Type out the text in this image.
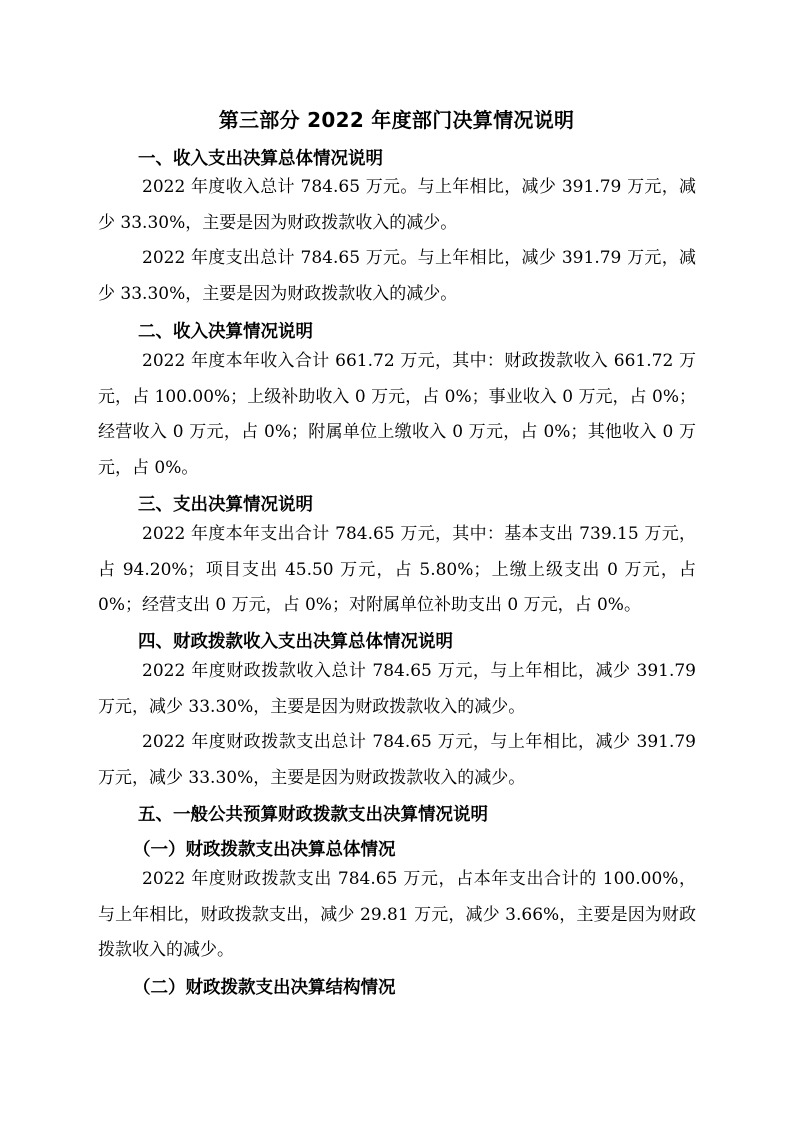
第三部分 2022 年度部门决算情况说明
一、收入支出决算总体情况说明

2022 年度收入总计 784.65 万元。与上年相比，减少 391.79 万元，减少 33.30%，主要是因为财政拨款收入的减少。

2022 年度支出总计 784.65 万元。与上年相比，减少 391.79 万元，减少 33.30%，主要是因为财政拨款收入的减少。

二、收入决算情况说明

2022 年度本年收入合计 661.72 万元，其中：财政拨款收入 661.72 万元，占 100.00%；上级补助收入 0 万元，占 0%；事业收入 0 万元，占 0%；经营收入 0 万元，占 0%；附属单位上缴收入 0 万元，占 0%；其他收入 0 万元，占 0%。

三、支出决算情况说明

2022 年度本年支出合计 784.65 万元，其中：基本支出 739.15 万元，占 94.20%；项目支出 45.50 万元，占 5.80%；上缴上级支出 0 万元，占 0%；经营支出 0 万元，占 0%；对附属单位补助支出 0 万元，占 0%。

四、财政拨款收入支出决算总体情况说明

2022 年度财政拨款收入总计 784.65 万元，与上年相比，减少 391.79 万元，减少 33.30%，主要是因为财政拨款收入的减少。

2022 年度财政拨款支出总计 784.65 万元，与上年相比，减少 391.79 万元，减少 33.30%，主要是因为财政拨款收入的减少。

五、一般公共预算财政拨款支出决算情况说明
（一）财政拨款支出决算总体情况

2022 年度财政拨款支出 784.65 万元，占本年支出合计的 100.00%，与上年相比，财政拨款支出，减少 29.81 万元，减少 3.66%，主要是因为财政拨款收入的减少。

（二）财政拨款支出决算结构情况
